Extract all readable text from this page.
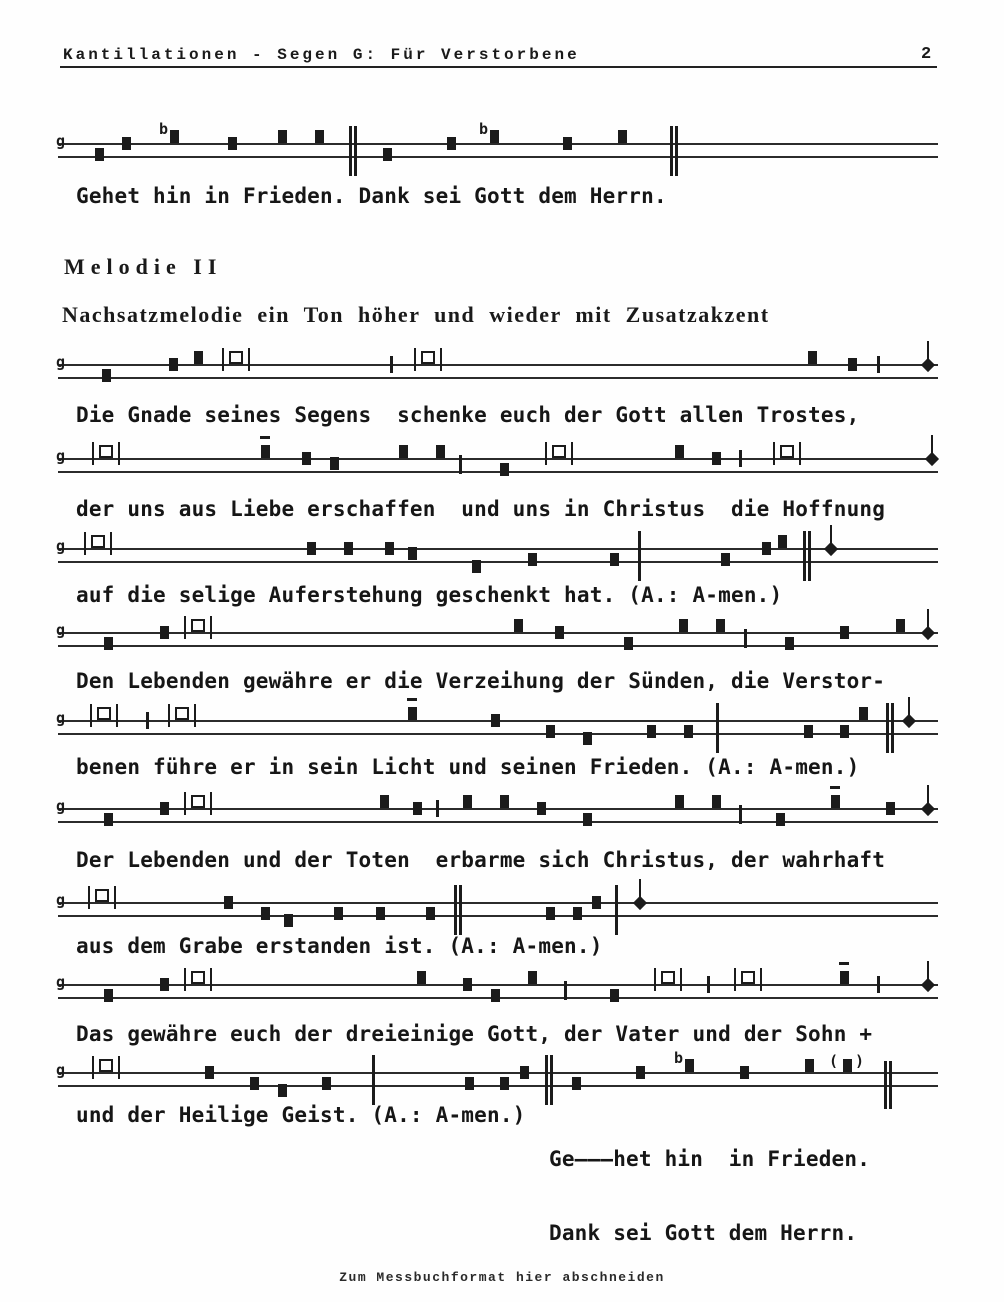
Kantillationen - Segen G: Für Verstorbene	2
g
b	b
Gehet hin in Frieden. Dank sei Gott dem Herrn.
Melodie II
Nachsatzmelodie ein Ton höher und wieder mit Zusatzakzent

Ge———het hin  in Frieden.

Dank sei Gott dem Herrn.

Zum Messbuchformat hier abschneiden
g
Die Gnade seines Segens  schenke euch der Gott allen Trostes,
g
der uns aus Liebe erschaffen  und uns in Christus  die Hoffnung
g
auf die selige Auferstehung geschenkt hat. (A.: A-men.)
g
Den Lebenden gewähre er die Verzeihung der Sünden, die Verstor-
g
benen führe er in sein Licht und seinen Frieden. (A.: A-men.)
g
Der Lebenden und der Toten  erbarme sich Christus, der wahrhaft
g
aus dem Grabe erstanden ist. (A.: A-men.)
g
Das gewähre euch der dreieinige Gott, der Vater und der Sohn +
g
b	( )
und der Heilige Geist. (A.: A-men.)
